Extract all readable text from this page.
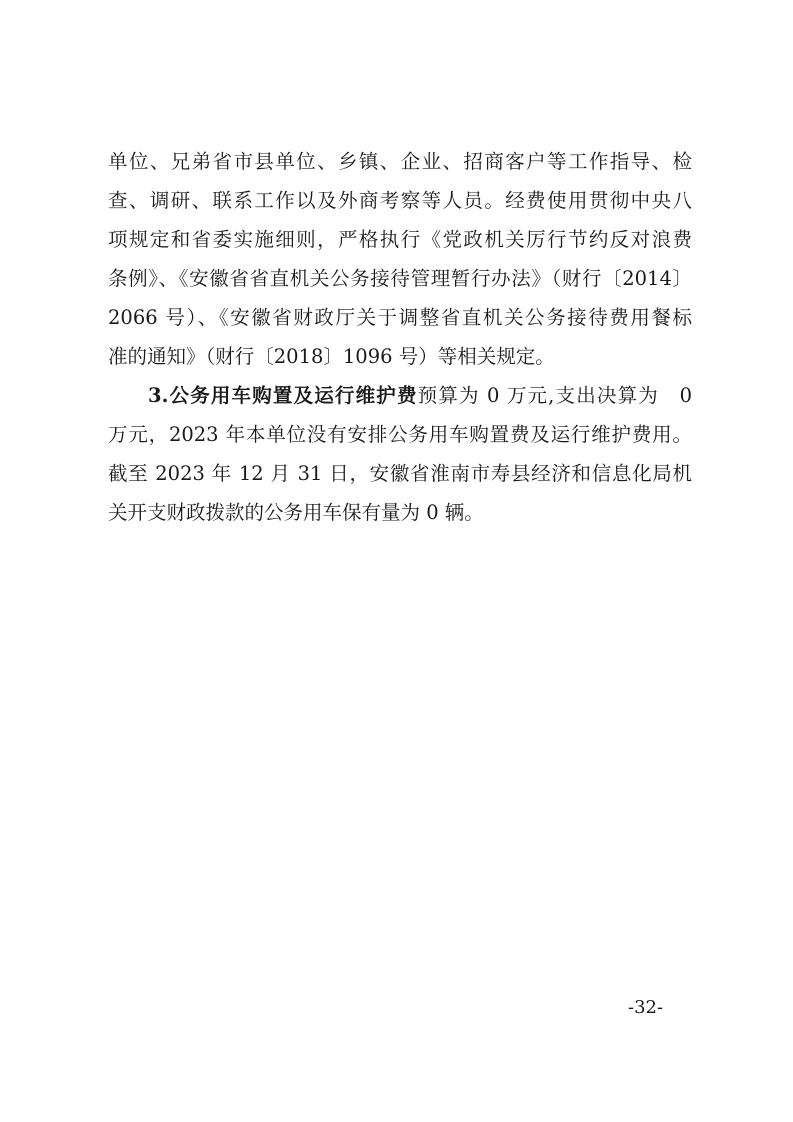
单位、兄弟省市县单位、乡镇、企业、招商客户等工作指导、检
查、调研、联系工作以及外商考察等人员。经费使用贯彻中央八
项规定和省委实施细则，严格执行《党政机关厉行节约反对浪费
条例》、《安徽省省直机关公务接待管理暂行办法》（财行〔2014〕
2066 号）、《安徽省财政厅关于调整省直机关公务接待费用餐标
准的通知》（财行〔2018〕1096 号）等相关规定。
3.公务用车购置及运行维护费预算为 0 万元,支出决算为　0
万元，2023 年本单位没有安排公务用车购置费及运行维护费用。
截至 2023 年 12 月 31 日，安徽省淮南市寿县经济和信息化局机
关开支财政拨款的公务用车保有量为 0 辆。
-32-
